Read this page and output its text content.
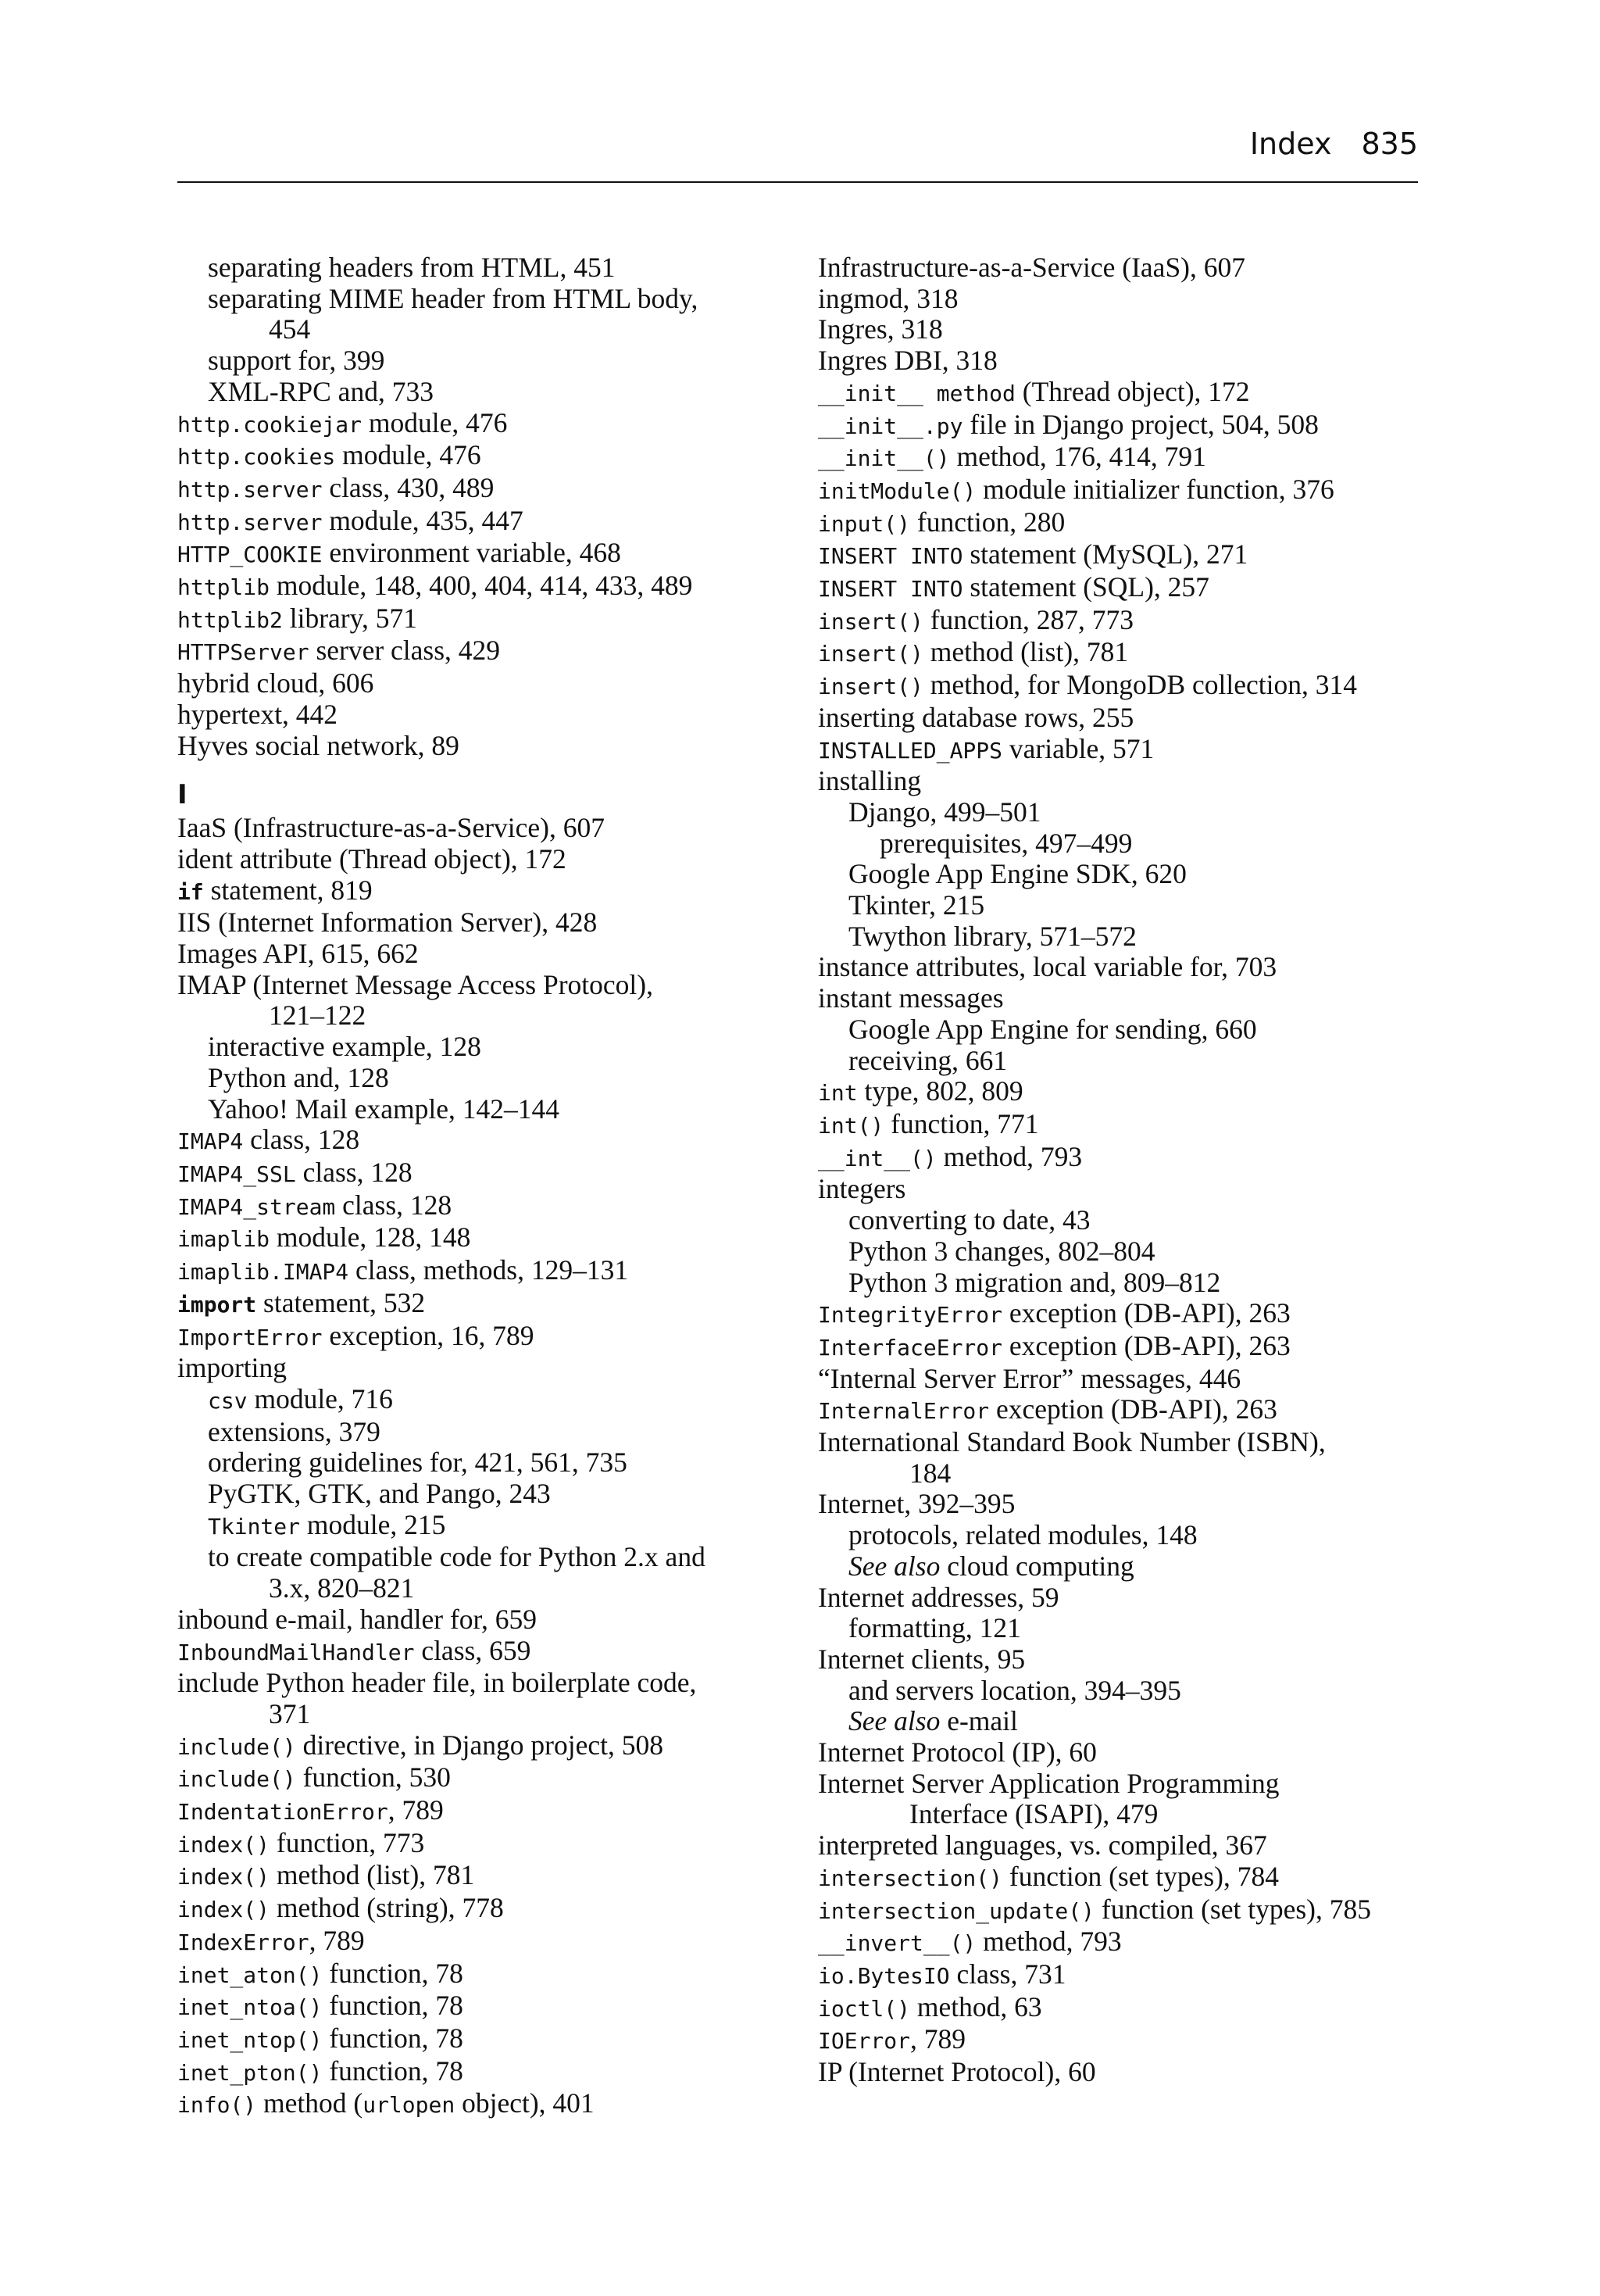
Index 835
separating headers from HTML, 451
separating MIME header from HTML body,
454
support for, 399
XML-RPC and, 733
http.cookiejar module, 476
http.cookies module, 476
http.server class, 430, 489
http.server module, 435, 447
HTTP_COOKIE environment variable, 468
httplib module, 148, 400, 404, 414, 433, 489
httplib2 library, 571
HTTPServer server class, 429
hybrid cloud, 606
hypertext, 442
Hyves social network, 89
I
IaaS (Infrastructure-as-a-Service), 607
ident attribute (Thread object), 172
if statement, 819
IIS (Internet Information Server), 428
Images API, 615, 662
IMAP (Internet Message Access Protocol),
121–122
interactive example, 128
Python and, 128
Yahoo! Mail example, 142–144
IMAP4 class, 128
IMAP4_SSL class, 128
IMAP4_stream class, 128
imaplib module, 128, 148
imaplib.IMAP4 class, methods, 129–131
import statement, 532
ImportError exception, 16, 789
importing
csv module, 716
extensions, 379
ordering guidelines for, 421, 561, 735
PyGTK, GTK, and Pango, 243
Tkinter module, 215
to create compatible code for Python 2.x and
3.x, 820–821
inbound e-mail, handler for, 659
InboundMailHandler class, 659
include Python header file, in boilerplate code,
371
include() directive, in Django project, 508
include() function, 530
IndentationError, 789
index() function, 773
index() method (list), 781
index() method (string), 778
IndexError, 789
inet_aton() function, 78
inet_ntoa() function, 78
inet_ntop() function, 78
inet_pton() function, 78
info() method (urlopen object), 401
Infrastructure-as-a-Service (IaaS), 607
ingmod, 318
Ingres, 318
Ingres DBI, 318
__init__ method (Thread object), 172
__init__.py file in Django project, 504, 508
__init__() method, 176, 414, 791
initModule() module initializer function, 376
input() function, 280
INSERT INTO statement (MySQL), 271
INSERT INTO statement (SQL), 257
insert() function, 287, 773
insert() method (list), 781
insert() method, for MongoDB collection, 314
inserting database rows, 255
INSTALLED_APPS variable, 571
installing
Django, 499–501
prerequisites, 497–499
Google App Engine SDK, 620
Tkinter, 215
Twython library, 571–572
instance attributes, local variable for, 703
instant messages
Google App Engine for sending, 660
receiving, 661
int type, 802, 809
int() function, 771
__int__() method, 793
integers
converting to date, 43
Python 3 changes, 802–804
Python 3 migration and, 809–812
IntegrityError exception (DB-API), 263
InterfaceError exception (DB-API), 263
“Internal Server Error” messages, 446
InternalError exception (DB-API), 263
International Standard Book Number (ISBN),
184
Internet, 392–395
protocols, related modules, 148
See also cloud computing
Internet addresses, 59
formatting, 121
Internet clients, 95
and servers location, 394–395
See also e-mail
Internet Protocol (IP), 60
Internet Server Application Programming
Interface (ISAPI), 479
interpreted languages, vs. compiled, 367
intersection() function (set types), 784
intersection_update() function (set types), 785
__invert__() method, 793
io.BytesIO class, 731
ioctl() method, 63
IOError, 789
IP (Internet Protocol), 60
